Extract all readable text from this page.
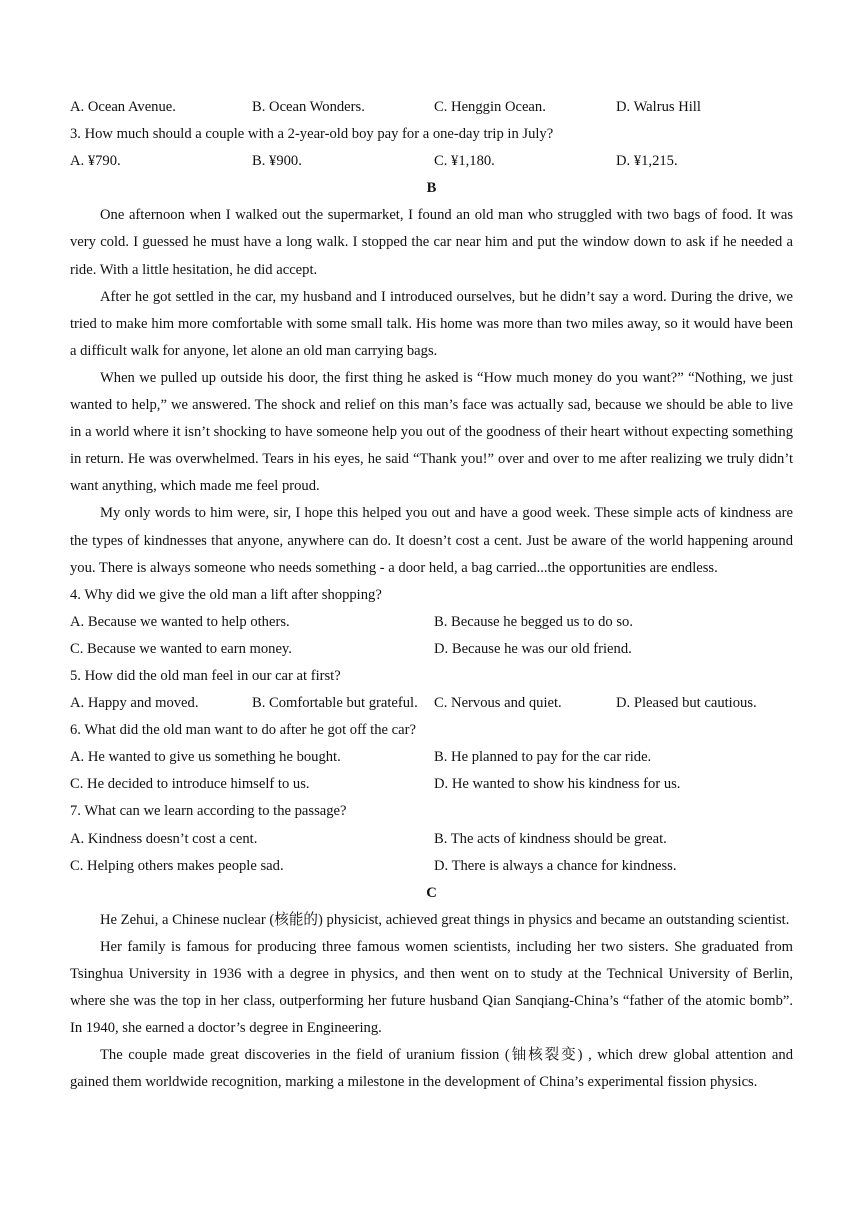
A. Ocean Avenue.	B. Ocean Wonders.	C. Henggin Ocean.	D. Walrus Hill
3. How much should a couple with a 2-year-old boy pay for a one-day trip in July?
A. ¥790.	B. ¥900.	C. ¥1,180.	D. ¥1,215.
B

One afternoon when I walked out the supermarket, I found an old man who struggled with two bags of food. It was very cold. I guessed he must have a long walk. I stopped the car near him and put the window down to ask if he needed a ride. With a little hesitation, he did accept.

After he got settled in the car, my husband and I introduced ourselves, but he didn’t say a word. During the drive, we tried to make him more comfortable with some small talk. His home was more than two miles away, so it would have been a difficult walk for anyone, let alone an old man carrying bags.

When we pulled up outside his door, the first thing he asked is “How much money do you want?” “Nothing, we just wanted to help,” we answered. The shock and relief on this man’s face was actually sad, because we should be able to live in a world where it isn’t shocking to have someone help you out of the goodness of their heart without expecting something in return. He was overwhelmed. Tears in his eyes, he said “Thank you!” over and over to me after realizing we truly didn’t want anything, which made me feel proud.

My only words to him were, sir, I hope this helped you out and have a good week. These simple acts of kindness are the types of kindnesses that anyone, anywhere can do. It doesn’t cost a cent. Just be aware of the world happening around you. There is always someone who needs something - a door held, a bag carried...the opportunities are endless.

4. Why did we give the old man a lift after shopping?
A. Because we wanted to help others.	B. Because he begged us to do so.
C. Because we wanted to earn money.	D. Because he was our old friend.
5. How did the old man feel in our car at first?
A. Happy and moved.	B. Comfortable but grateful.	C. Nervous and quiet.	D. Pleased but cautious.
6. What did the old man want to do after he got off the car?
A. He wanted to give us something he bought.	B. He planned to pay for the car ride.
C. He decided to introduce himself to us.	D. He wanted to show his kindness for us.
7. What can we learn according to the passage?
A. Kindness doesn’t cost a cent.	B. The acts of kindness should be great.
C. Helping others makes people sad.	D. There is always a chance for kindness.
C

He Zehui, a Chinese nuclear (核能的) physicist, achieved great things in physics and became an outstanding scientist.

Her family is famous for producing three famous women scientists, including her two sisters. She graduated from Tsinghua University in 1936 with a degree in physics, and then went on to study at the Technical University of Berlin, where she was the top in her class, outperforming her future husband Qian Sanqiang-China’s “father of the atomic bomb”. In 1940, she earned a doctor’s degree in Engineering.

The couple made great discoveries in the field of uranium fission (铀核裂变) , which drew global attention and gained them worldwide recognition, marking a milestone in the development of China’s experimental fission physics.
